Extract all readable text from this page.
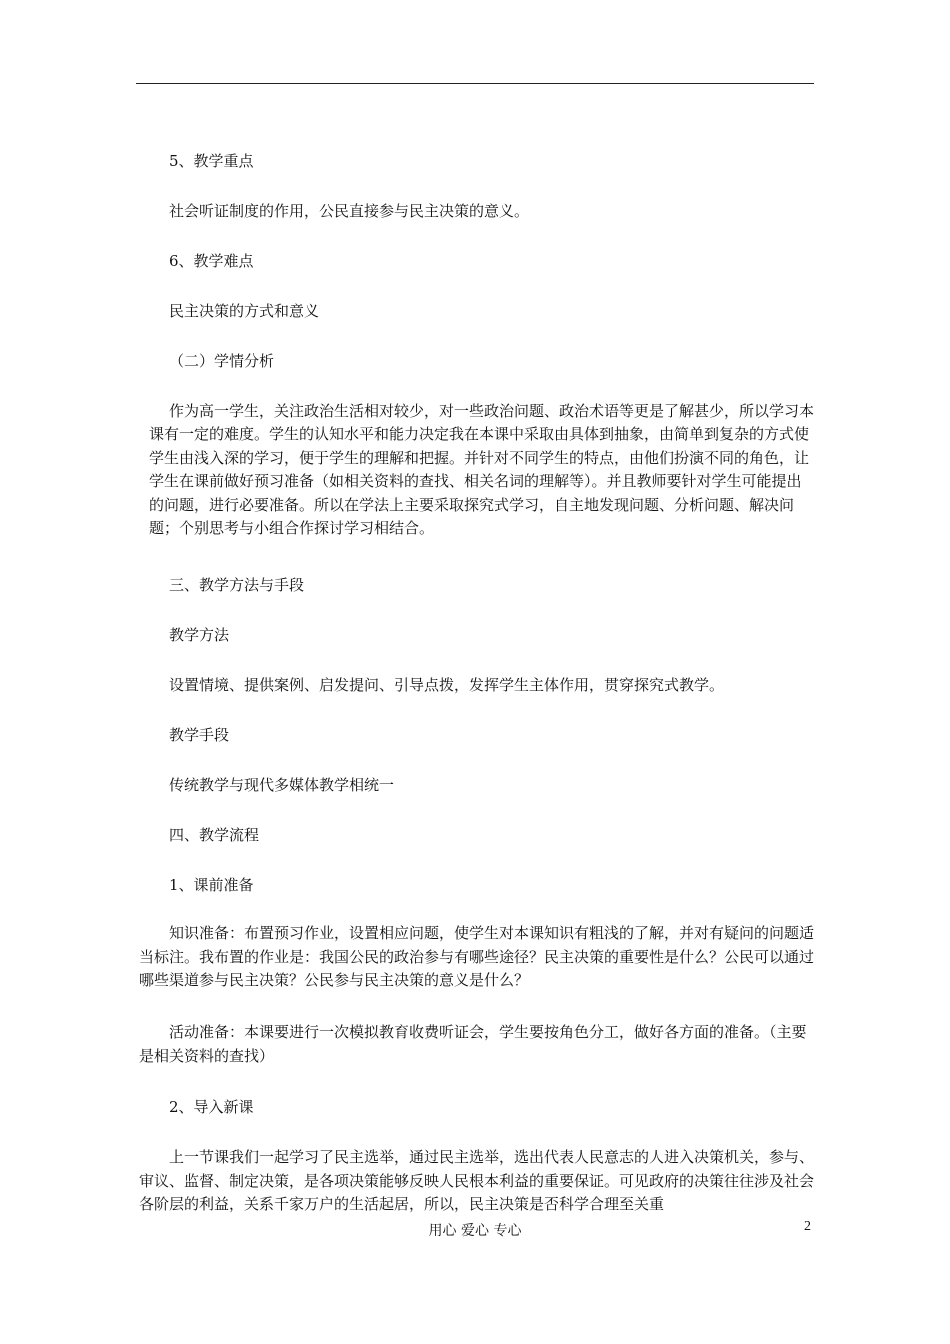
5、教学重点
社会听证制度的作用，公民直接参与民主决策的意义。
6、教学难点
民主决策的方式和意义
（二）学情分析
作为高一学生，关注政治生活相对较少，对一些政治问题、政治术语等更是了解甚少，所以学习本课有一定的难度。学生的认知水平和能力决定我在本课中采取由具体到抽象，由简单到复杂的方式使学生由浅入深的学习，便于学生的理解和把握。并针对不同学生的特点，由他们扮演不同的角色，让学生在课前做好预习准备（如相关资料的查找、相关名词的理解等）。并且教师要针对学生可能提出的问题，进行必要准备。所以在学法上主要采取探究式学习，自主地发现问题、分析问题、解决问题；个别思考与小组合作探讨学习相结合。
三、教学方法与手段
教学方法
设置情境、提供案例、启发提问、引导点拨，发挥学生主体作用，贯穿探究式教学。
教学手段
传统教学与现代多媒体教学相统一
四、教学流程
1、课前准备
知识准备：布置预习作业，设置相应问题，使学生对本课知识有粗浅的了解，并对有疑问的问题适当标注。我布置的作业是：我国公民的政治参与有哪些途径？民主决策的重要性是什么？公民可以通过哪些渠道参与民主决策？公民参与民主决策的意义是什么？
活动准备：本课要进行一次模拟教育收费听证会，学生要按角色分工，做好各方面的准备。（主要是相关资料的查找）
2、导入新课
上一节课我们一起学习了民主选举，通过民主选举，选出代表人民意志的人进入决策机关，参与、审议、监督、制定决策，是各项决策能够反映人民根本利益的重要保证。可见政府的决策往往涉及社会各阶层的利益，关系千家万户的生活起居，所以，民主决策是否科学合理至关重
用心 爱心 专心	2
